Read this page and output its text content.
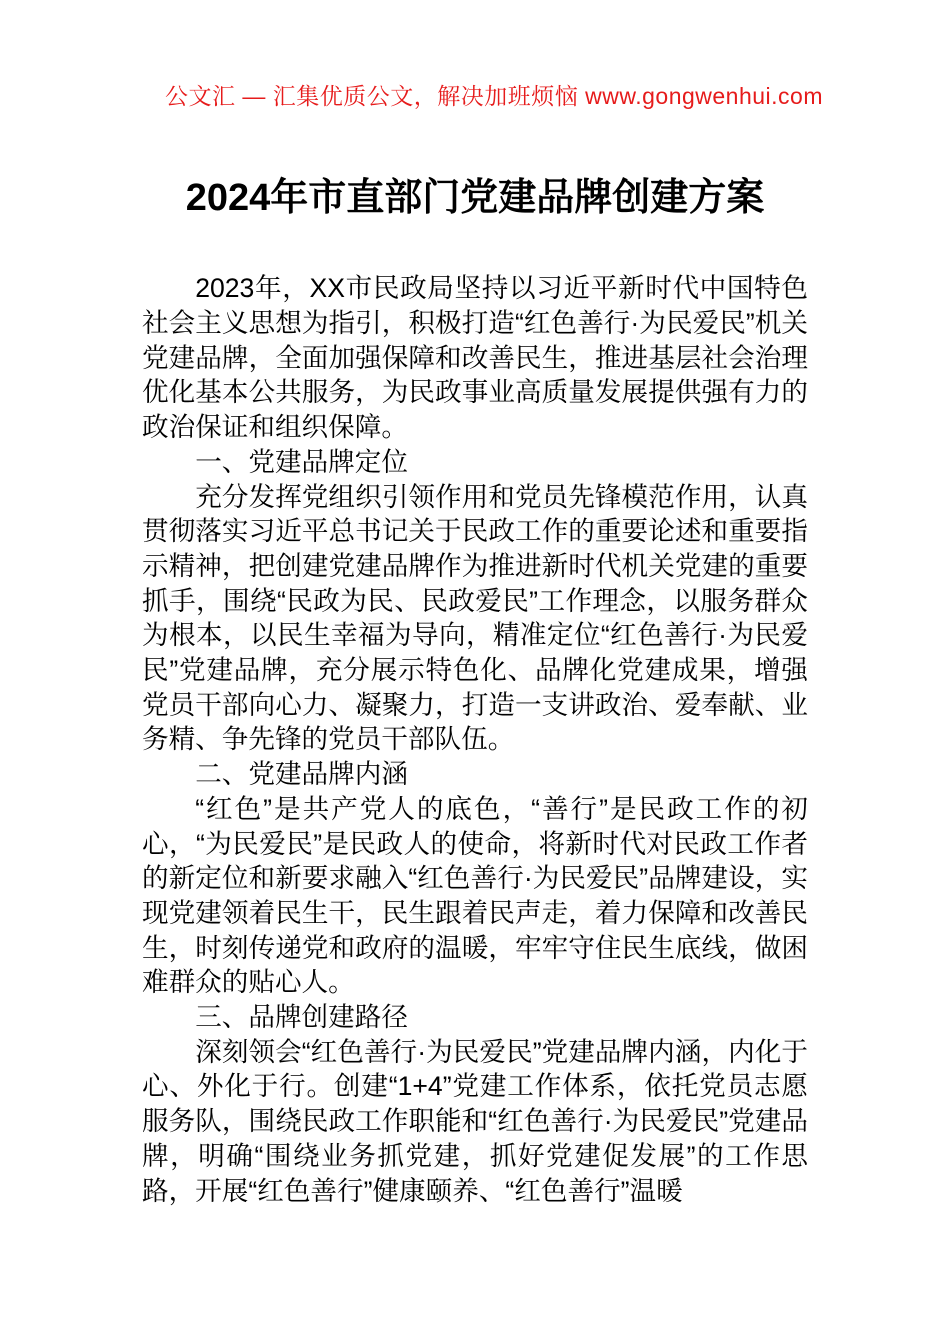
公文汇 — 汇集优质公文，解决加班烦恼 www.gongwenhui.com
2024年市直部门党建品牌创建方案

2023年，XX市民政局坚持以习近平新时代中国特色社会主义思想为指引，积极打造“红色善行·为民爱民”机关党建品牌，全面加强保障和改善民生，推进基层社会治理优化基本公共服务，为民政事业高质量发展提供强有力的政治保证和组织保障。

一、党建品牌定位

充分发挥党组织引领作用和党员先锋模范作用，认真贯彻落实习近平总书记关于民政工作的重要论述和重要指示精神，把创建党建品牌作为推进新时代机关党建的重要抓手，围绕“民政为民、民政爱民”工作理念，以服务群众为根本，以民生幸福为导向，精准定位“红色善行·为民爱民”党建品牌，充分展示特色化、品牌化党建成果，增强党员干部向心力、凝聚力，打造一支讲政治、爱奉献、业务精、争先锋的党员干部队伍。

二、党建品牌内涵

“红色”是共产党人的底色，“善行”是民政工作的初心，“为民爱民”是民政人的使命，将新时代对民政工作者的新定位和新要求融入“红色善行·为民爱民”品牌建设，实现党建领着民生干，民生跟着民声走，着力保障和改善民生，时刻传递党和政府的温暖，牢牢守住民生底线，做困难群众的贴心人。

三、品牌创建路径

深刻领会“红色善行·为民爱民”党建品牌内涵，内化于心、外化于行。创建“1+4”党建工作体系，依托党员志愿服务队，围绕民政工作职能和“红色善行·为民爱民”党建品牌，明确“围绕业务抓党建，抓好党建促发展”的工作思路，开展“红色善行”健康颐养、“红色善行”温暖
